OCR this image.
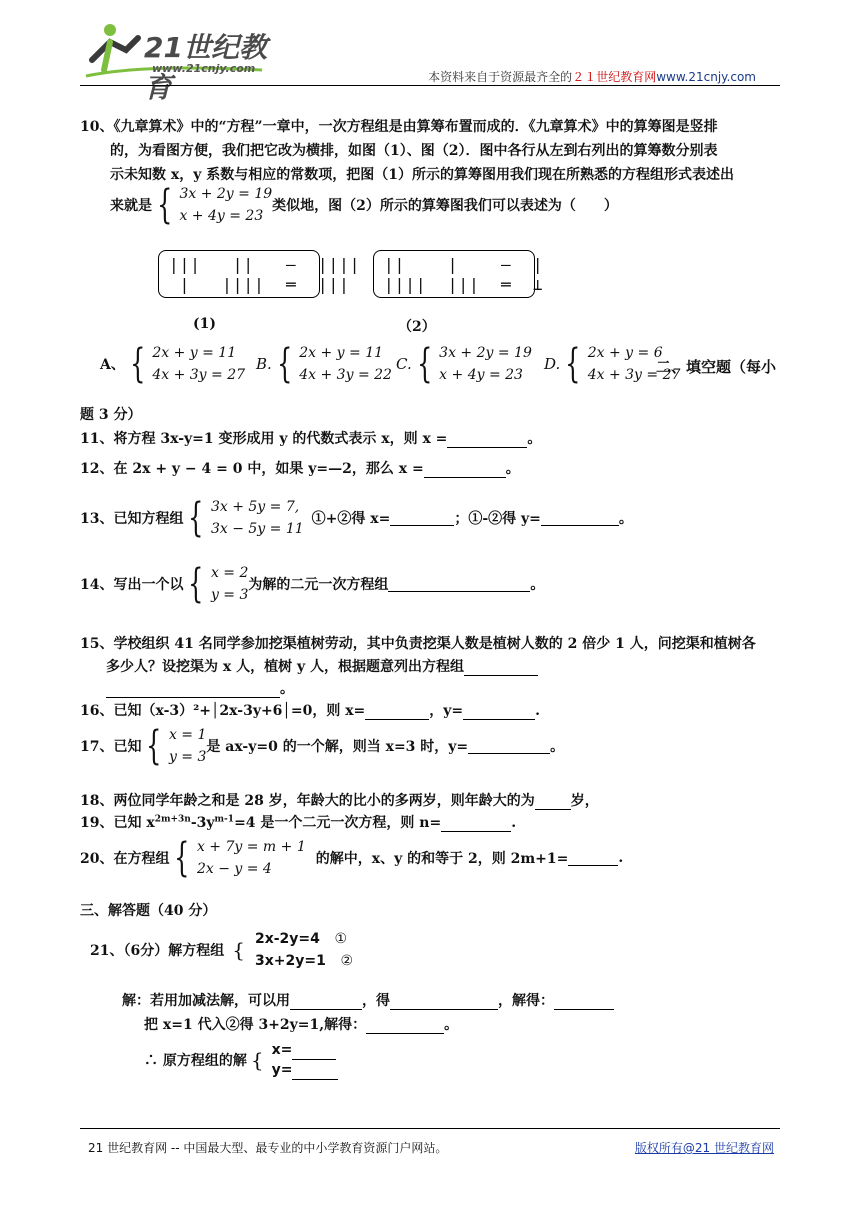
21世纪教育
www.21cnjy.com
本资料来自于资源最齐全的２１世纪教育网www.21cnjy.com
10、《九章算术》中的“方程”一章中，一次方程组是由算筹布置而成的．《九章算术》中的算筹图是竖排
的，为看图方便，我们把它改为横排，如图（1）、图（2）．图中各行从左到右列出的算筹数分别表
示未知数 x，y 系数与相应的常数项，把图（1）所示的算筹图用我们现在所熟悉的方程组形式表述出
来就是 { 3x + 2y = 19
x + 4y = 23
类似地，图（2）所示的算筹图我们可以表述为（　　）
|||   ||   —  ||||
|   ||||  ═  |||
||    |    —  |
||||  |||  ═  ⊥
(1)	（2）
A、 { 2x + y = 11
4x + 3y = 27
B. { 2x + y = 11
4x + 3y = 22
C. { 3x + 2y = 19
x + 4y = 23
D. { 2x + y = 6
4x + 3y = 27
二、填空题（每小
题 3 分）
11、将方程 3x-y=1 变形成用 y 的代数式表示 x，则 x =	。
12、在 2x + y − 4 = 0 中，如果 y=—2，那么 x =	。
13、已知方程组 { 3x + 5y = 7,
3x − 5y = 11
①+②得 x=	；①-②得 y=	。
14、写出一个以 { x = 2
y = 3
为解的二元一次方程组	。
15、学校组织 41 名同学参加挖渠植树劳动，其中负责挖渠人数是植树人数的 2 倍少 1 人，问挖渠和植树各
多少人？设挖渠为 x 人，植树 y 人，根据题意列出方程组
。
16、已知（x-3）²+│2x-3y+6│=0，则 x=	，y=	.
17、已知 { x = 1
y = 3
是 ax-y=0 的一个解，则当 x=3 时，y=	。
18、两位同学年龄之和是 28 岁，年龄大的比小的多两岁，则年龄大的为	岁，
19、已知 $x^{2m+3n}-3y^{m-1}=4$ 是一个二元一次方程，则 n=	.
20、在方程组 { x + 7y = m + 1
2x − y = 4
的解中，x、y 的和等于 2，则 2m+1=	.
三、解答题（40 分）
21、（6分）解方程组 { 2x-2y=4 ①
3x+2y=1 ②
解：若用加减法解，可以用	，得	，解得：
把 x=1 代入②得 3+2y=1,解得：	。
∴ 原方程组的解 { x=
y=
21 世纪教育网 -- 中国最大型、最专业的中小学教育资源门户网站。	版权所有@21 世纪教育网
